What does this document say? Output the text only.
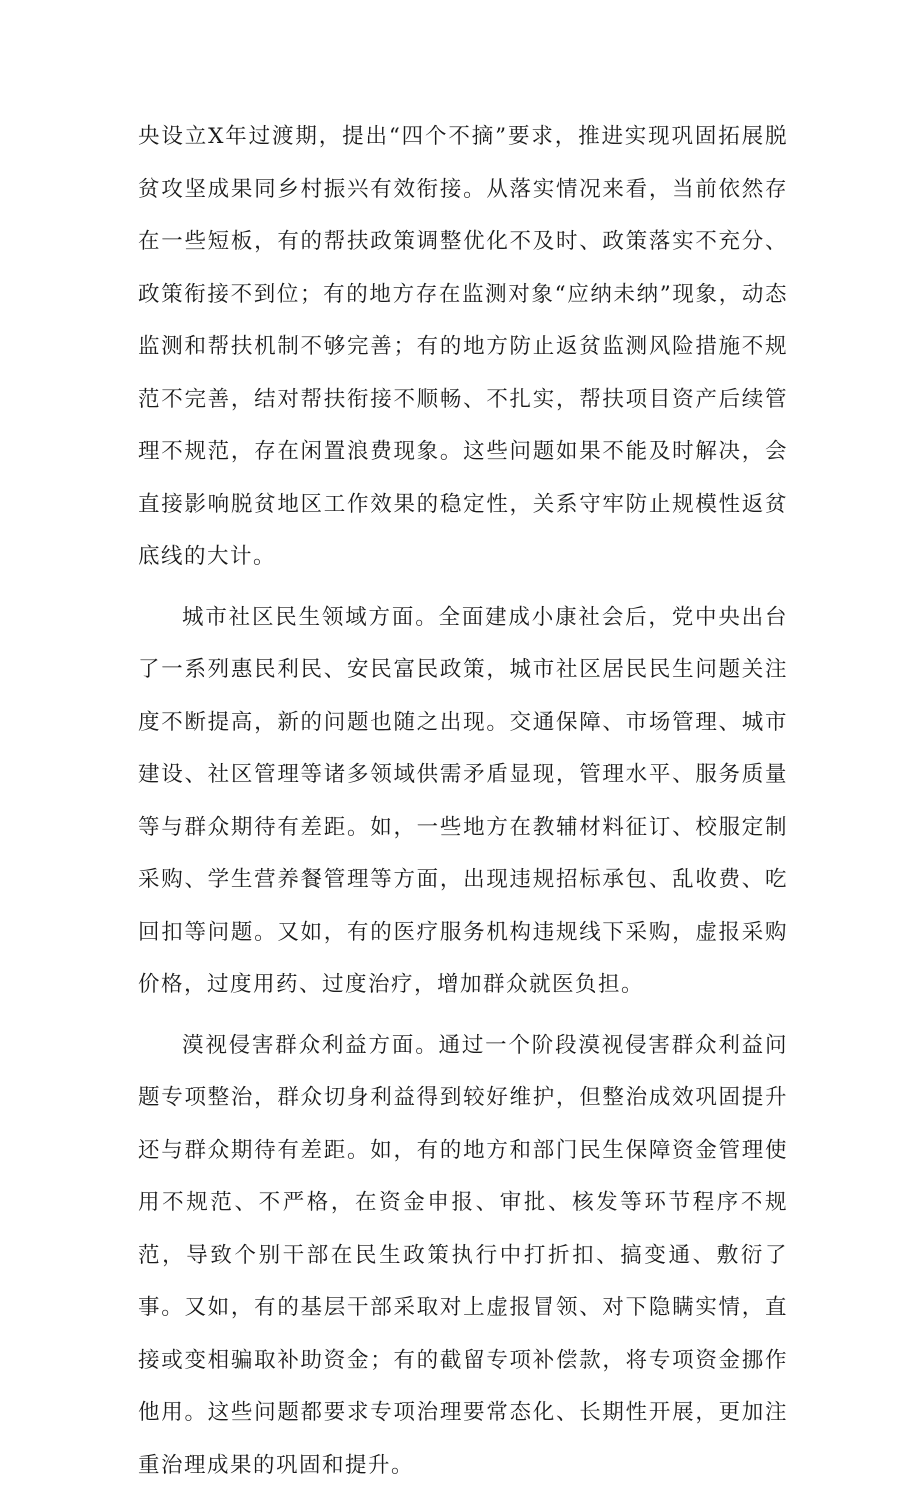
央设立X年过渡期，提出“四个不摘”要求，推进实现巩固拓展脱贫攻坚成果同乡村振兴有效衔接。从落实情况来看，当前依然存在一些短板，有的帮扶政策调整优化不及时、政策落实不充分、政策衔接不到位；有的地方存在监测对象“应纳未纳”现象，动态监测和帮扶机制不够完善；有的地方防止返贫监测风险措施不规范不完善，结对帮扶衔接不顺畅、不扎实，帮扶项目资产后续管理不规范，存在闲置浪费现象。这些问题如果不能及时解决，会直接影响脱贫地区工作效果的稳定性，关系守牢防止规模性返贫底线的大计。

城市社区民生领域方面。全面建成小康社会后，党中央出台了一系列惠民利民、安民富民政策，城市社区居民民生问题关注度不断提高，新的问题也随之出现。交通保障、市场管理、城市建设、社区管理等诸多领域供需矛盾显现，管理水平、服务质量等与群众期待有差距。如，一些地方在教辅材料征订、校服定制采购、学生营养餐管理等方面，出现违规招标承包、乱收费、吃回扣等问题。又如，有的医疗服务机构违规线下采购，虚报采购价格，过度用药、过度治疗，增加群众就医负担。

漠视侵害群众利益方面。通过一个阶段漠视侵害群众利益问题专项整治，群众切身利益得到较好维护，但整治成效巩固提升还与群众期待有差距。如，有的地方和部门民生保障资金管理使用不规范、不严格，在资金申报、审批、核发等环节程序不规范，导致个别干部在民生政策执行中打折扣、搞变通、敷衍了事。又如，有的基层干部采取对上虚报冒领、对下隐瞒实情，直接或变相骗取补助资金；有的截留专项补偿款，将专项资金挪作他用。这些问题都要求专项治理要常态化、长期性开展，更加注重治理成果的巩固和提升。
